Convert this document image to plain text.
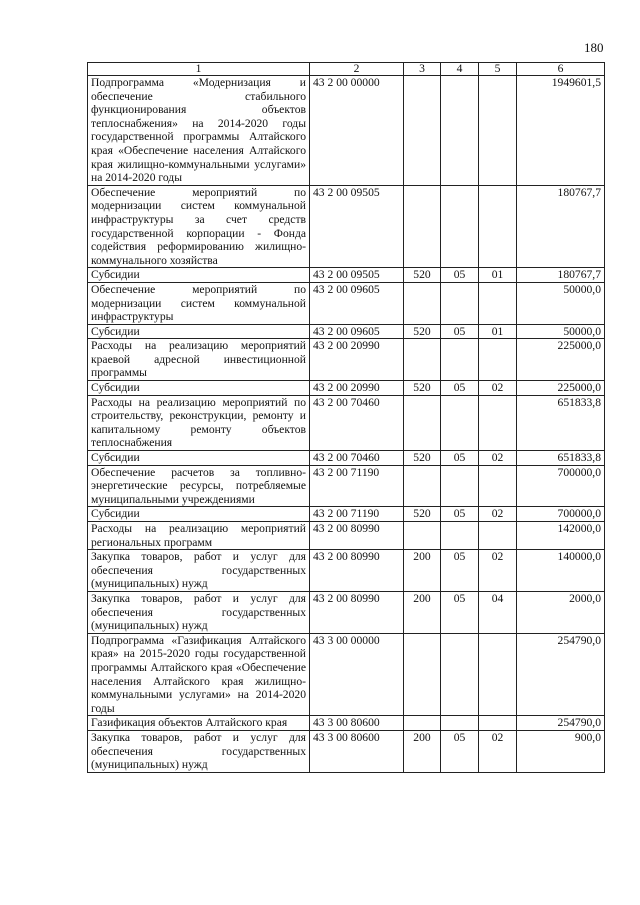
180
1	2	3	4	5	6
Подпрограмма «Модернизация и обеспечение стабильного функционирования объектов теплоснабжения» на 2014-2020 годы государственной программы Алтайского края «Обеспечение населения Алтайского края жилищно-коммунальными услугами» на 2014-2020 годы	43 2 00 00000				1949601,5
Обеспечение мероприятий по модернизации систем коммунальной инфраструктуры за счет средств государственной корпорации - Фонда содействия реформированию жилищно-коммунального хозяйства	43 2 00 09505				180767,7
Субсидии	43 2 00 09505	520	05	01	180767,7
Обеспечение мероприятий по модернизации систем коммунальной инфраструктуры	43 2 00 09605				50000,0
Субсидии	43 2 00 09605	520	05	01	50000,0
Расходы на реализацию мероприятий краевой адресной инвестиционной программы	43 2 00 20990				225000,0
Субсидии	43 2 00 20990	520	05	02	225000,0
Расходы на реализацию мероприятий по строительству, реконструкции, ремонту и капитальному ремонту объектов теплоснабжения	43 2 00 70460				651833,8
Субсидии	43 2 00 70460	520	05	02	651833,8
Обеспечение расчетов за топливно-энергетические ресурсы, потребляемые муниципальными учреждениями	43 2 00 71190				700000,0
Субсидии	43 2 00 71190	520	05	02	700000,0
Расходы на реализацию мероприятий региональных программ	43 2 00 80990				142000,0
Закупка товаров, работ и услуг для обеспечения государственных (муниципальных) нужд	43 2 00 80990	200	05	02	140000,0
Закупка товаров, работ и услуг для обеспечения государственных (муниципальных) нужд	43 2 00 80990	200	05	04	2000,0
Подпрограмма «Газификация Алтайского края» на 2015-2020 годы государственной программы Алтайского края «Обеспечение населения Алтайского края жилищно-коммунальными услугами» на 2014-2020 годы	43 3 00 00000				254790,0
Газификация объектов Алтайского края	43 3 00 80600				254790,0
Закупка товаров, работ и услуг для обеспечения государственных (муниципальных) нужд	43 3 00 80600	200	05	02	900,0
